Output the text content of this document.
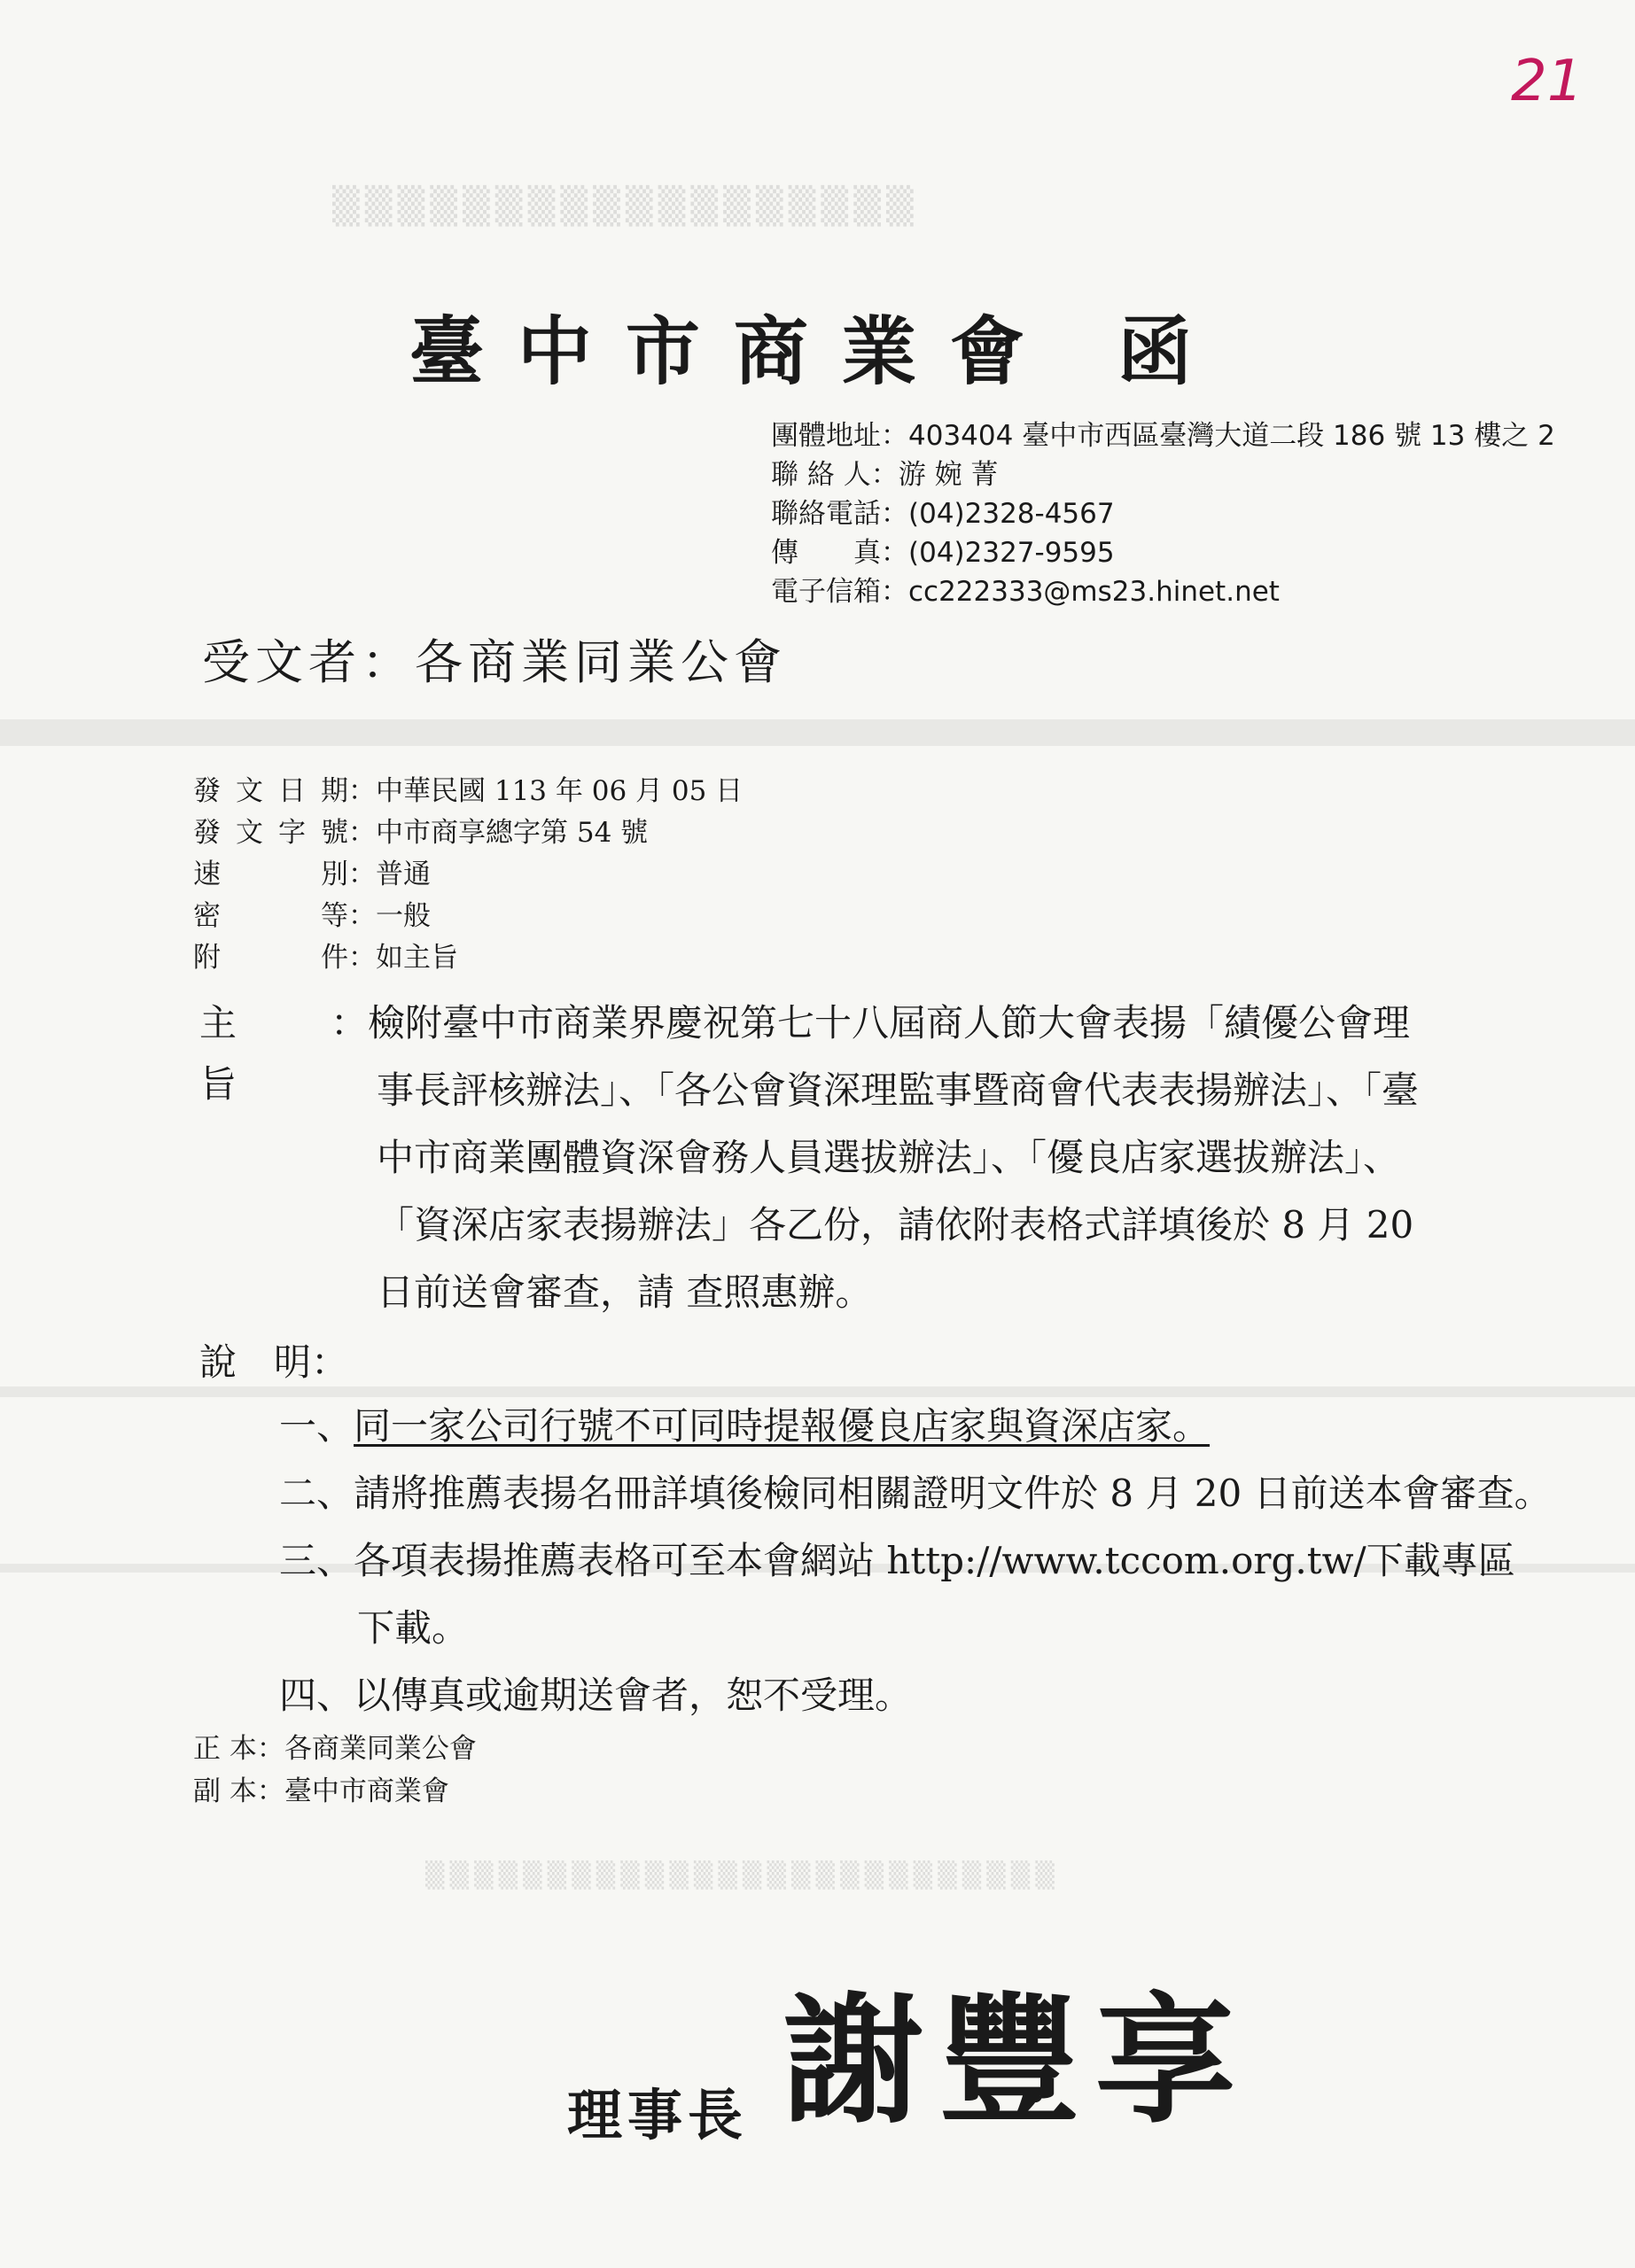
▒▒▒▒▒▒▒▒▒▒▒▒▒▒▒▒▒▒
▒▒▒▒▒▒▒▒▒▒▒▒▒▒▒▒▒▒▒▒▒▒▒▒▒▒
21
臺中市商業會 函
團體地址：403404 臺中市西區臺灣大道二段 186 號 13 樓之 2
聯 絡 人：游 婉 菁
聯絡電話：(04)2328-4567
傳　　真：(04)2327-9595
電子信箱：cc222333@ms23.hinet.net
受文者：各商業同業公會
發文日期：中華民國 113 年 06 月 05 日
發文字號：中市商享總字第 54 號
速別：普通
密等：一般
附件：如主旨
主旨
： 檢附臺中市商業界慶祝第七十八屆商人節大會表揚「績優公會理
事長評核辦法」、「各公會資深理監事暨商會代表表揚辦法」、「臺
中市商業團體資深會務人員選拔辦法」、「優良店家選拔辦法」、
「資深店家表揚辦法」各乙份，請依附表格式詳填後於 8 月 20
日前送會審查，請 查照惠辦。
說　明：
一、同一家公司行號不可同時提報優良店家與資深店家。
二、請將推薦表揚名冊詳填後檢同相關證明文件於 8 月 20 日前送本會審查。
三、各項表揚推薦表格可至本會網站 http://www.tccom.org.tw/下載專區
下載。
四、以傳真或逾期送會者，恕不受理。
正 本：各商業同業公會
副 本：臺中市商業會
理事長 謝豐享
